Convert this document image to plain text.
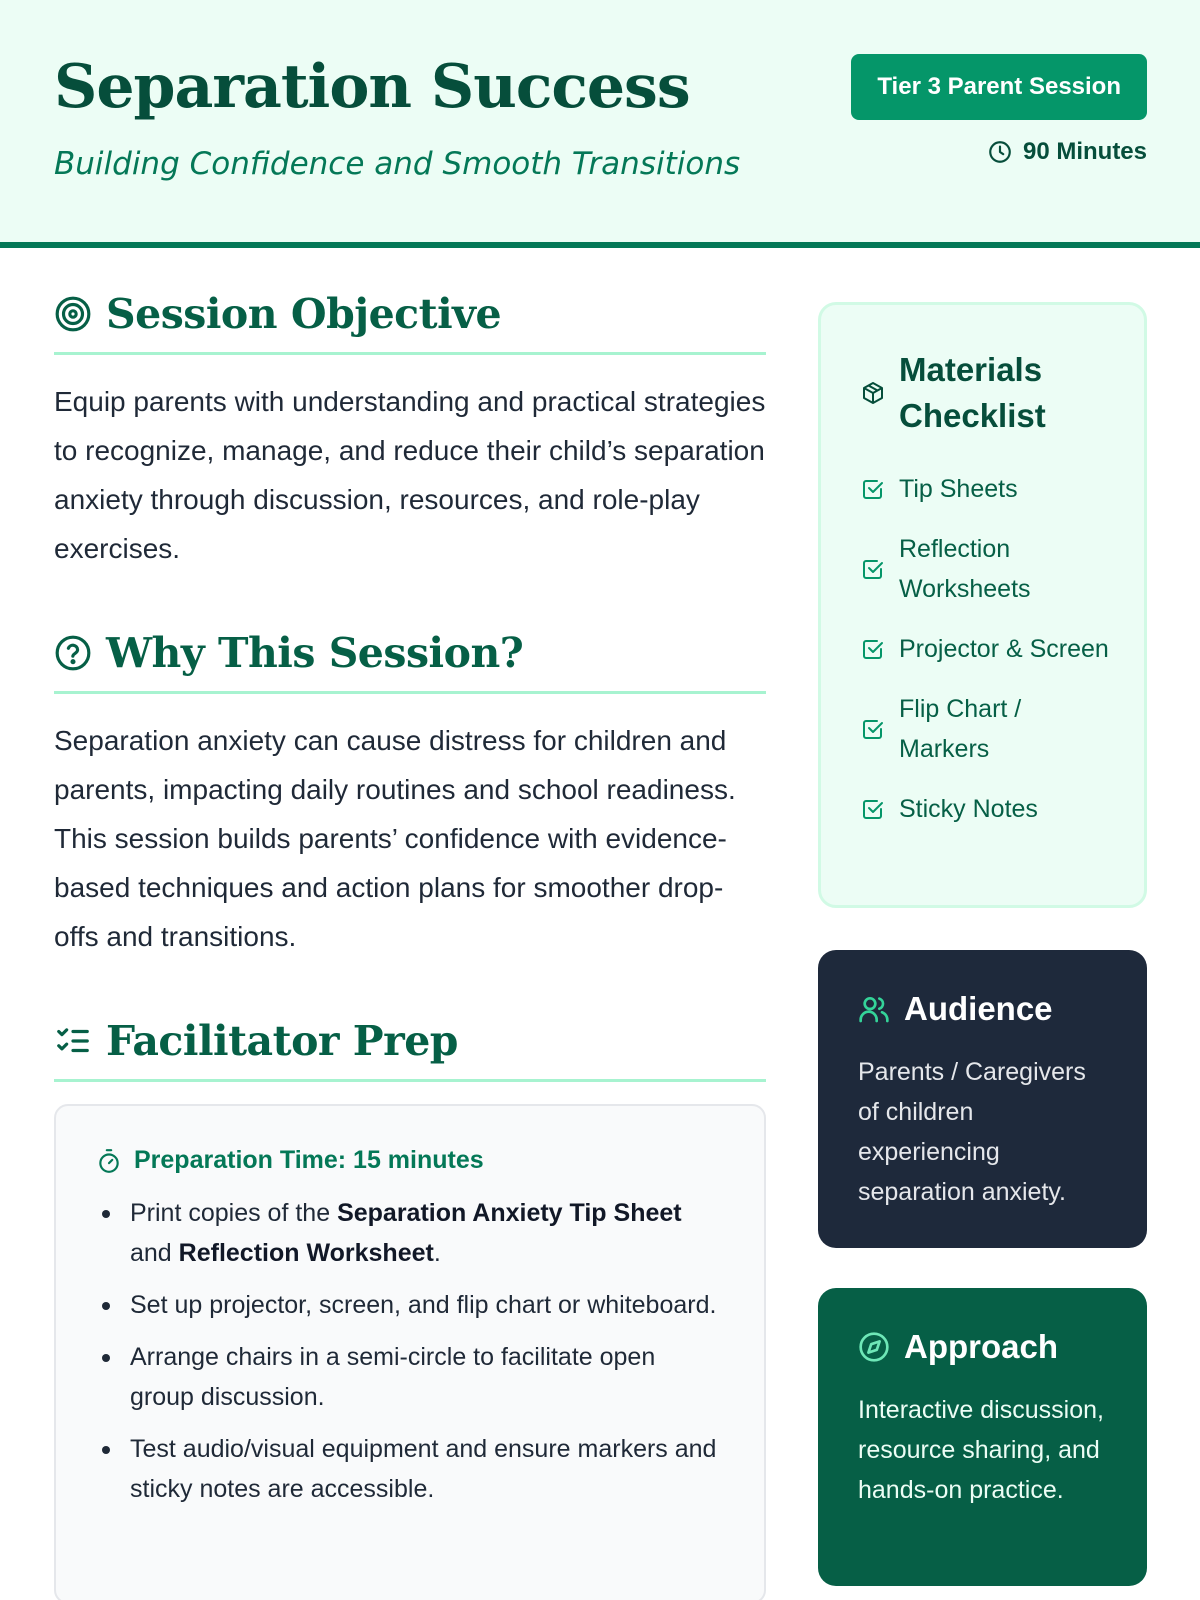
Separation Success

Building Confidence and Smooth Transitions

Tier 3 Parent Session
90 Minutes
Session Objective

Equip parents with understanding and practical strategies to recognize, manage, and reduce their child’s separation anxiety through discussion, resources, and role-play exercises.

Why This Session?

Separation anxiety can cause distress for children and parents, impacting daily routines and school readiness. This session builds parents’ confidence with evidence-based techniques and action plans for smoother drop-offs and transitions.

Facilitator Prep
Preparation Time: 15 minutes
Print copies of the Separation Anxiety Tip Sheet and Reflection Worksheet.
Set up projector, screen, and flip chart or whiteboard.
Arrange chairs in a semi-circle to facilitate open group discussion.
Test audio/visual equipment and ensure markers and sticky notes are accessible.
Materials Checklist
Tip Sheets
Reflection Worksheets
Projector & Screen
Flip Chart / Markers
Sticky Notes
Audience

Parents / Caregivers of children experiencing separation anxiety.

Approach

Interactive discussion, resource sharing, and hands-on practice.
